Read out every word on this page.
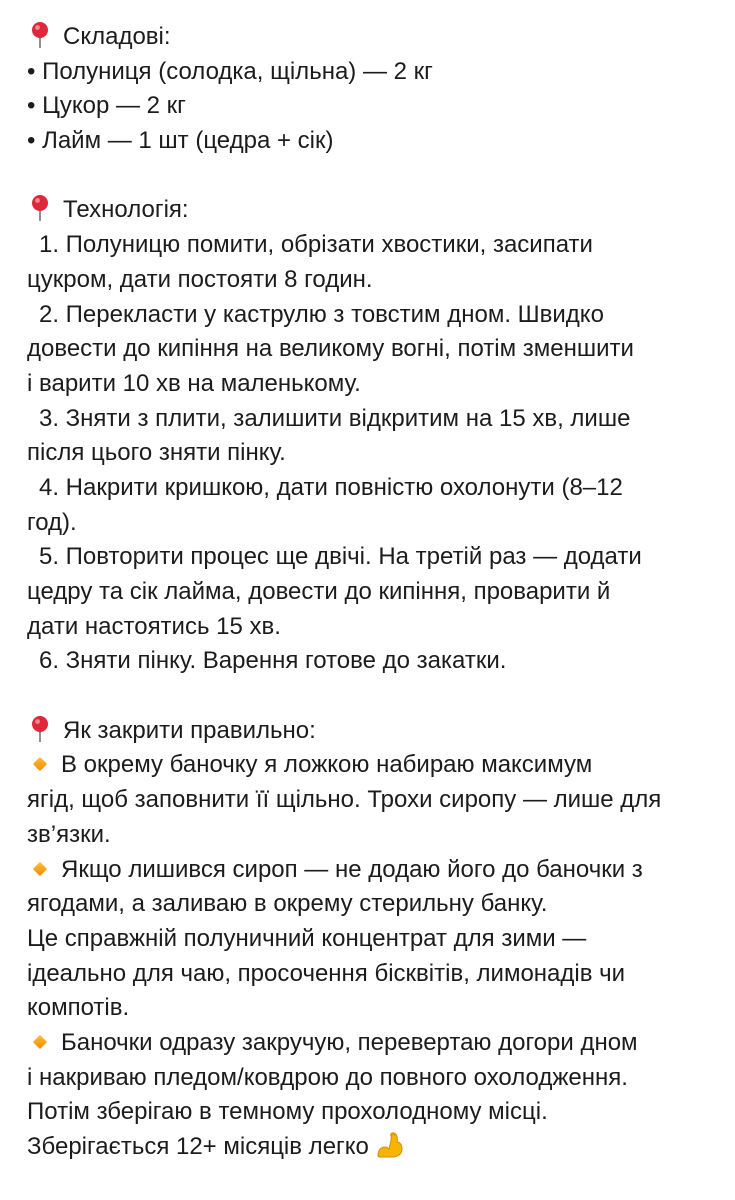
Складові:
• Полуниця (солодка, щільна) — 2 кг
• Цукор — 2 кг
• Лайм — 1 шт (цедра + сік)
Технологія:
1. Полуницю помити, обрізати хвостики, засипати
цукром, дати постояти 8 годин.
2. Перекласти у каструлю з товстим дном. Швидко
довести до кипіння на великому вогні, потім зменшити
і варити 10 хв на маленькому.
3. Зняти з плити, залишити відкритим на 15 хв, лише
після цього зняти пінку.
4. Накрити кришкою, дати повністю охолонути (8–12
год).
5. Повторити процес ще двічі. На третій раз — додати
цедру та сік лайма, довести до кипіння, проварити й
дати настоятись 15 хв.
6. Зняти пінку. Варення готове до закатки.
Як закрити правильно:
В окрему баночку я ложкою набираю максимум
ягід, щоб заповнити її щільно. Трохи сиропу — лише для
зв’язки.
Якщо лишився сироп — не додаю його до баночки з
ягодами, а заливаю в окрему стерильну банку.
Це справжній полуничний концентрат для зими —
ідеально для чаю, просочення бісквітів, лимонадів чи
компотів.
Баночки одразу закручую, перевертаю догори дном
і накриваю пледом/ковдрою до повного охолодження.
Потім зберігаю в темному прохолодному місці.
Зберігається 12+ місяців легко
